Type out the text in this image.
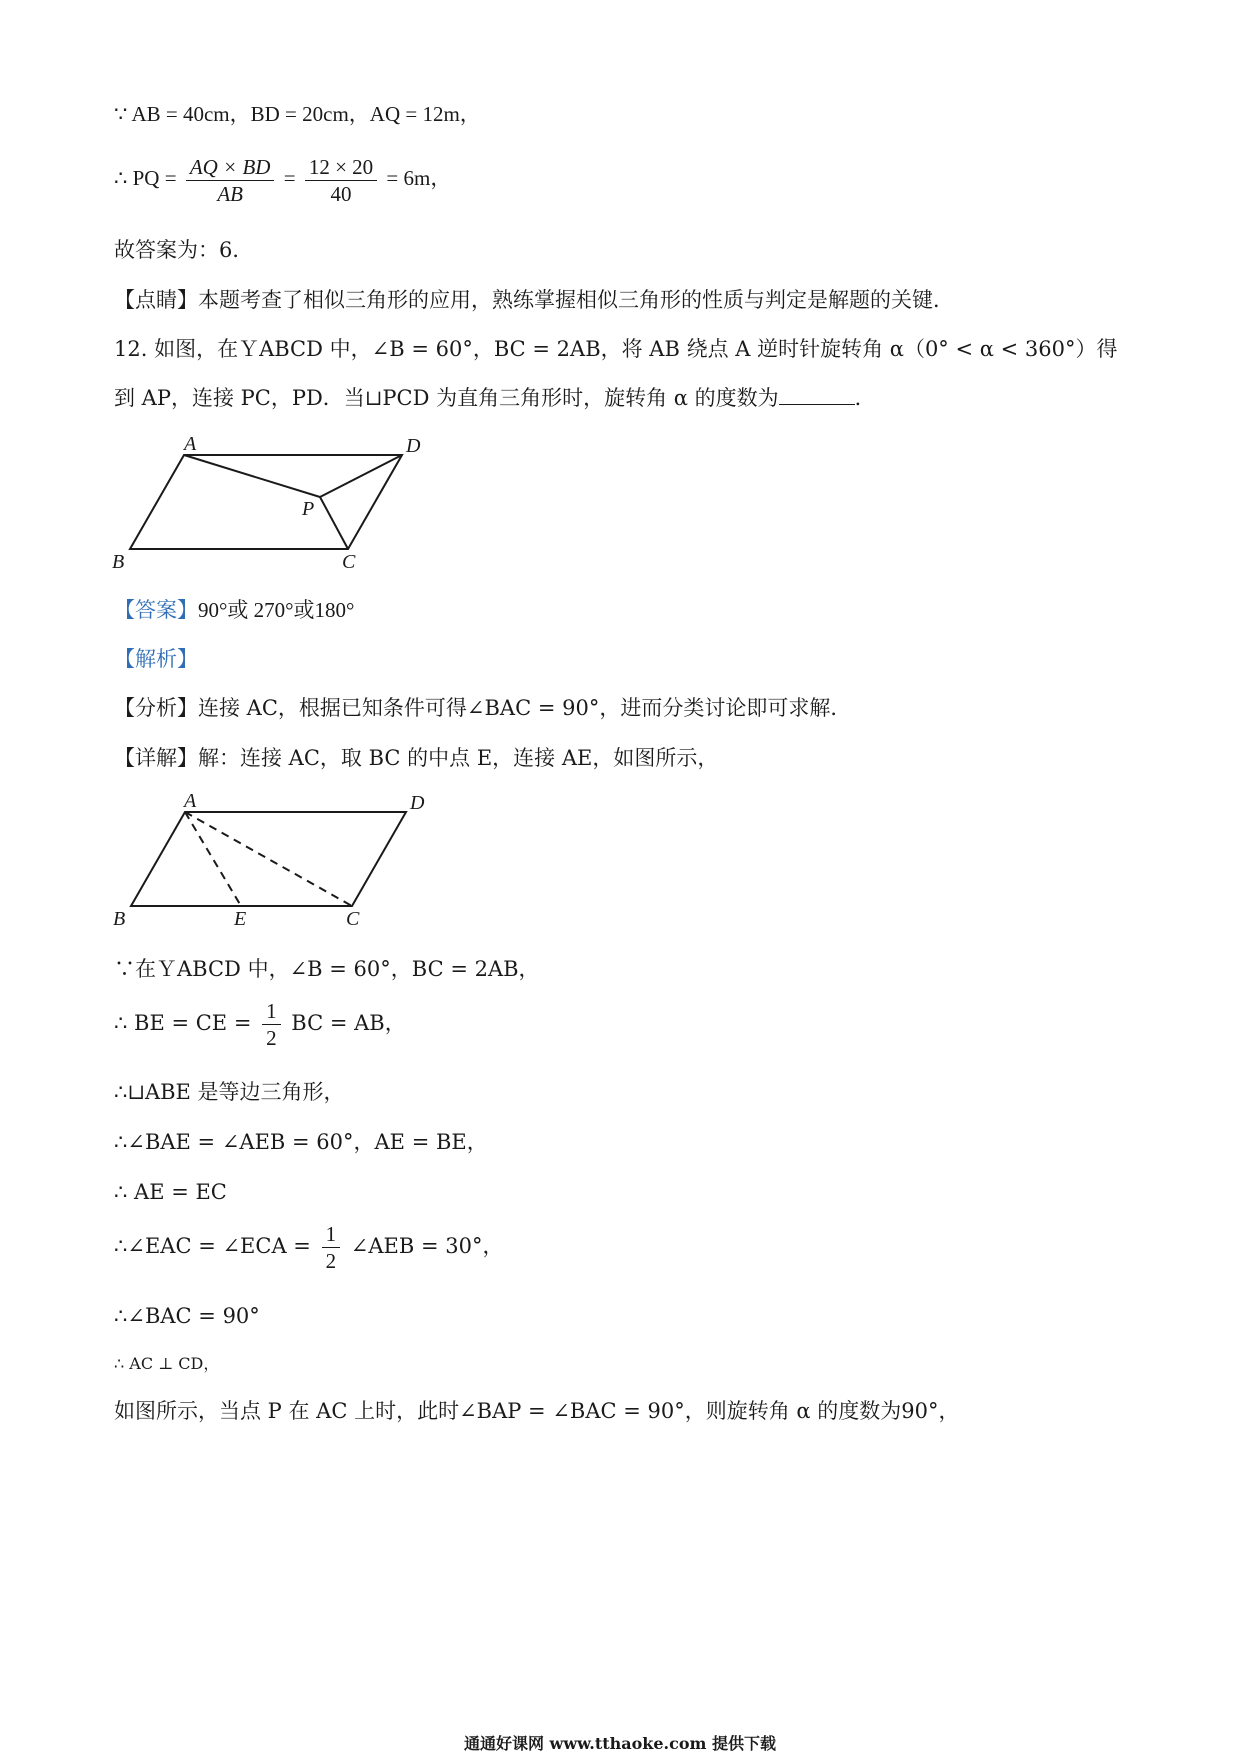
∵ AB = 40cm，BD = 20cm，AQ = 12m，
∴ PQ = $\frac{AQ \times BD}{AB} = \frac{12 \times 20}{40} = 6m$，
故答案为：6．
【点睛】本题考查了相似三角形的应用，熟练掌握相似三角形的性质与判定是解题的关键．
12. 如图，在ＹABCD 中，∠B = 60°，BC = 2AB，将 AB 绕点 A 逆时针旋转角 α（0° < α < 360°）得
到 AP，连接 PC，PD．当⊔PCD 为直角三角形时，旋转角 α 的度数为	．
A	D
P
B	C
【答案】90°或 270°或180°
【解析】
【分析】连接 AC，根据已知条件可得∠BAC = 90°，进而分类讨论即可求解．
【详解】解：连接 AC，取 BC 的中点 E，连接 AE，如图所示，
A	D
B	E	C
∵在ＹABCD 中，∠B = 60°，BC = 2AB，
∴ BE = CE = $\frac{1}{2}$ BC = AB，
∴⊔ABE 是等边三角形，
∴∠BAE = ∠AEB = 60°，AE = BE，
∴ AE = EC
∴∠EAC = ∠ECA = $\frac{1}{2}$ ∠AEB = 30°，
∴∠BAC = 90°
∴ AC ⊥ CD，
如图所示，当点 P 在 AC 上时，此时∠BAP = ∠BAC = 90°，则旋转角 α 的度数为90°，
通通好课网 www.tthaoke.com 提供下载
